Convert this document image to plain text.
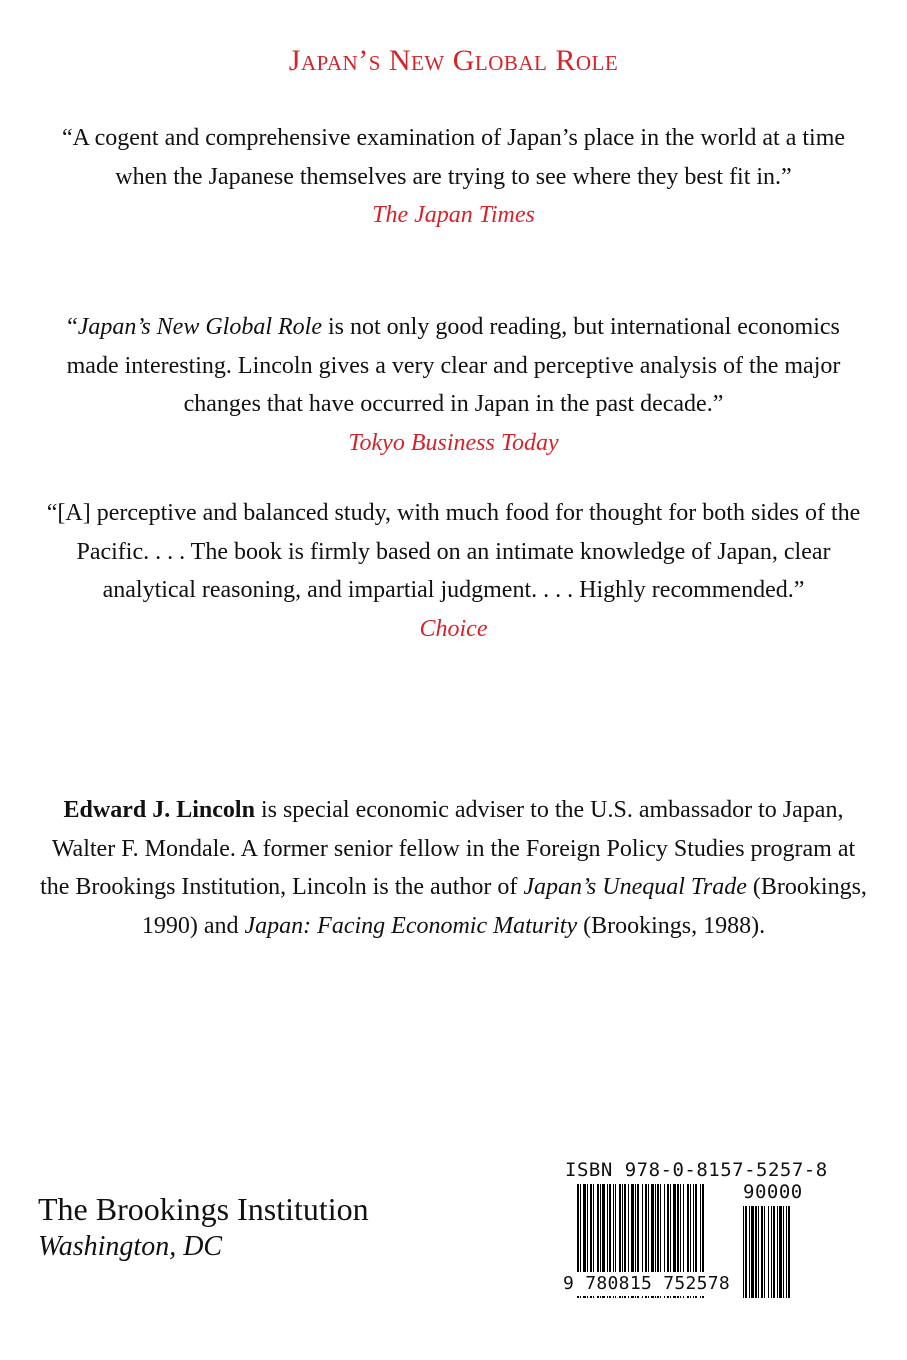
Japan’s New Global Role
“A cogent and comprehensive examination of Japan’s place in the world at a time when the Japanese themselves are trying to see where they best fit in.”
The Japan Times
“Japan’s New Global Role is not only good reading, but international economics made interesting. Lincoln gives a very clear and perceptive analysis of the major changes that have occurred in Japan in the past decade.”
Tokyo Business Today
“[A] perceptive and balanced study, with much food for thought for both sides of the Pacific. . . . The book is firmly based on an intimate knowledge of Japan, clear analytical reasoning, and impartial judgment. . . . Highly recommended.”
Choice
Edward J. Lincoln is special economic adviser to the U.S. ambassador to Japan, Walter F. Mondale. A former senior fellow in the Foreign Policy Studies program at the Brookings Institution, Lincoln is the author of Japan’s Unequal Trade (Brookings, 1990) and Japan: Facing Economic Maturity (Brookings, 1988).
The Brookings Institution
Washington, DC
ISBN 978-0-8157-5257-8
90000
9 780815 752578
